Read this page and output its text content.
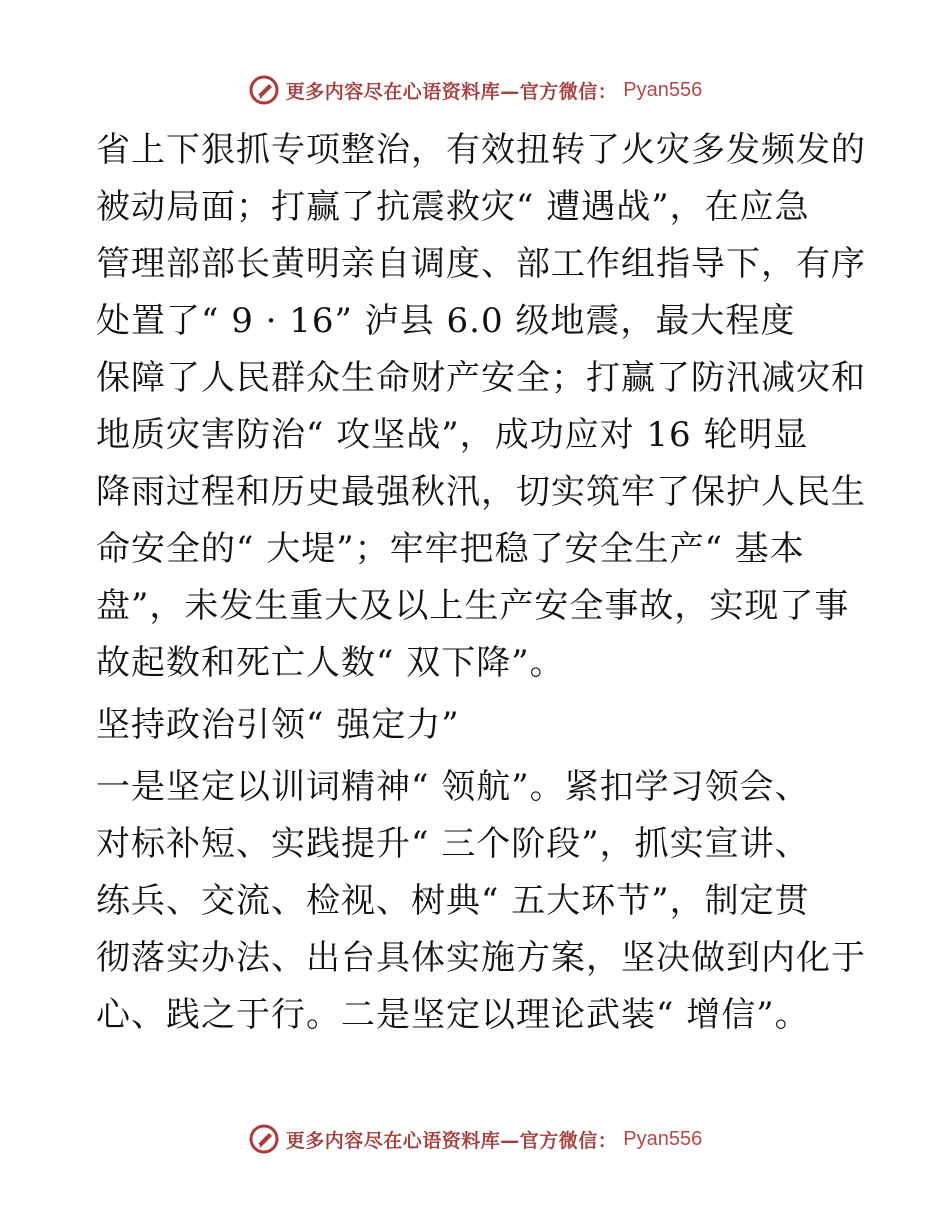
更多内容尽在心语资料库—官方微信： Pyan556
省上下狠抓专项整治，有效扭转了火灾多发频发的
被动局面；打赢了抗震救灾“ 遭遇战”，在应急
管理部部长黄明亲自调度、部工作组指导下，有序
处置了“ 9 · 16” 泸县 6.0 级地震，最大程度
保障了人民群众生命财产安全；打赢了防汛减灾和
地质灾害防治“ 攻坚战”，成功应对 16 轮明显
降雨过程和历史最强秋汛，切实筑牢了保护人民生
命安全的“ 大堤”；牢牢把稳了安全生产“ 基本
盘”，未发生重大及以上生产安全事故，实现了事
故起数和死亡人数“ 双下降”。
坚持政治引领“ 强定力”
一是坚定以训词精神“ 领航”。紧扣学习领会、
对标补短、实践提升“ 三个阶段”，抓实宣讲、
练兵、交流、检视、树典“ 五大环节”，制定贯
彻落实办法、出台具体实施方案，坚决做到内化于
心、践之于行。二是坚定以理论武装“ 增信”。
更多内容尽在心语资料库—官方微信： Pyan556
